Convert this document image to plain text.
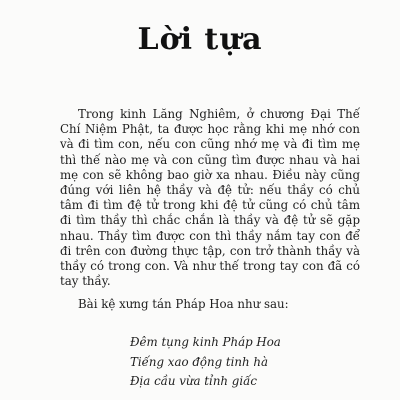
Lời tựa

Trong kinh Lăng Nghiêm, ở chương Đại Thế Chí Niệm Phật, ta được học rằng khi mẹ nhớ con và đi tìm con, nếu con cũng nhớ mẹ và đi tìm mẹ thì thế nào mẹ và con cũng tìm được nhau và hai mẹ con sẽ không bao giờ xa nhau. Điều này cũng đúng với liên hệ thầy và đệ tử: nếu thầy có chủ tâm đi tìm đệ tử trong khi đệ tử cũng có chủ tâm đi tìm thầy thì chắc chắn là thầy và đệ tử sẽ gặp nhau. Thầy tìm được con thì thầy nắm tay con để đi trên con đường thực tập, con trở thành thầy và thầy có trong con. Và như thế trong tay con đã có tay thầy.

Bài kệ xưng tán Pháp Hoa như sau:
Đêm tụng kinh Pháp Hoa
Tiếng xao động tinh hà
Địa cầu vừa tỉnh giấc
